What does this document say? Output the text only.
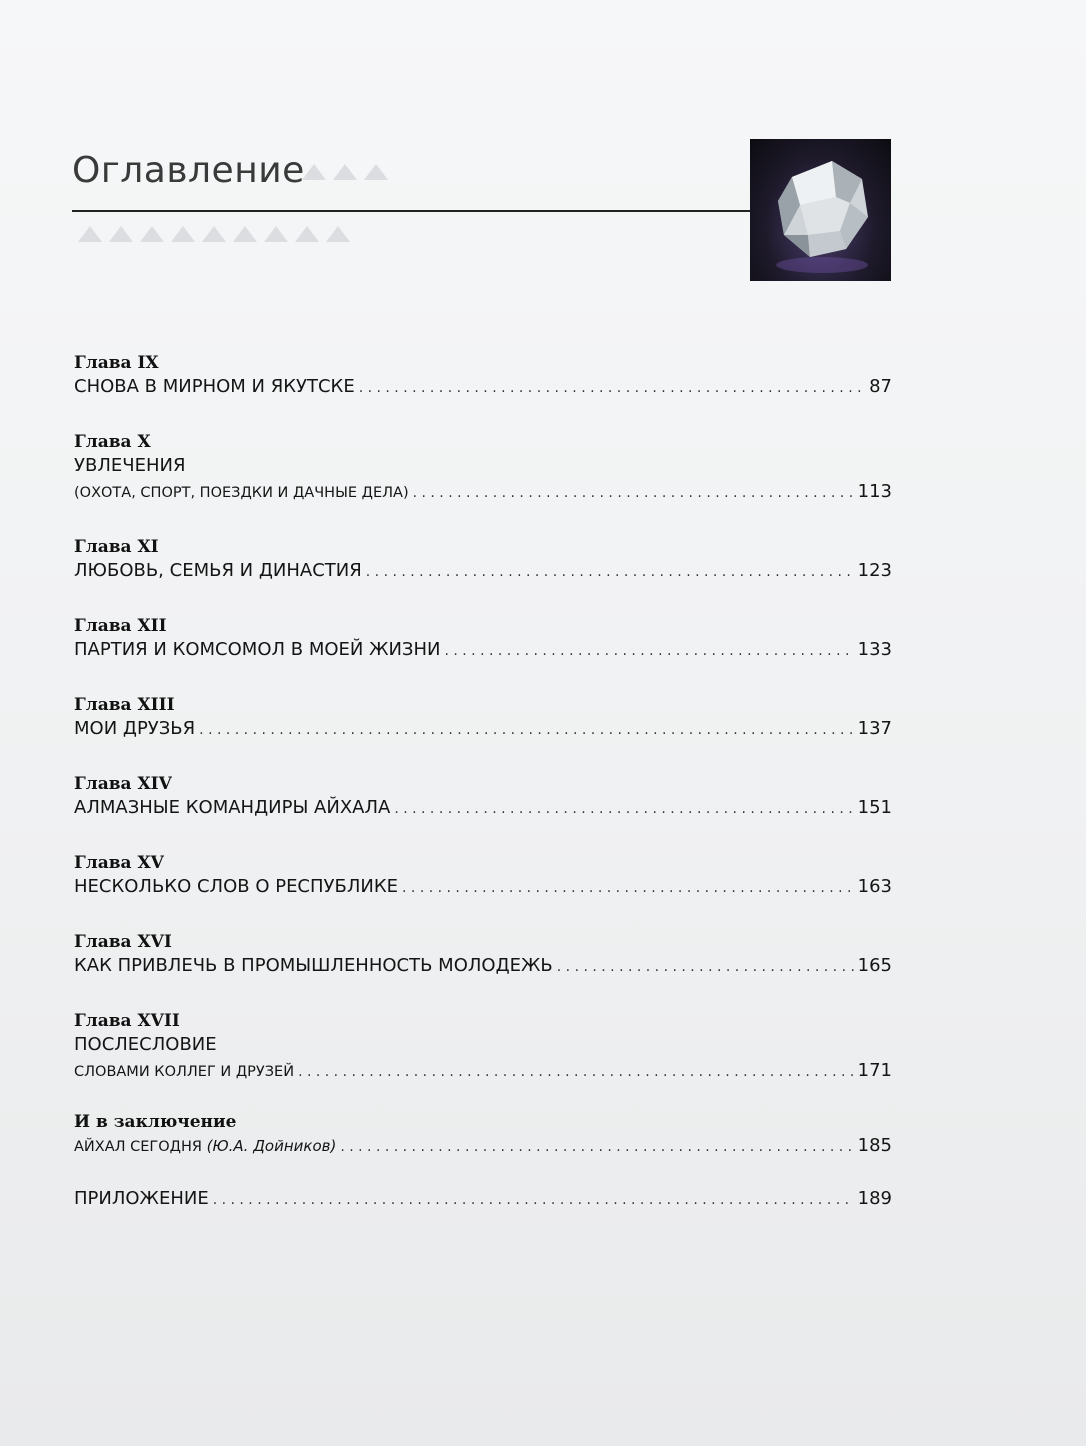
Оглавление
Глава IX
СНОВА В МИРНОМ И ЯКУТСКЕ . . .	87
Глава X
УВЛЕЧЕНИЯ
(ОХОТА, СПОРТ, ПОЕЗДКИ И ДАЧНЫЕ ДЕЛА) . . .	113
Глава XI
ЛЮБОВЬ, СЕМЬЯ И ДИНАСТИЯ . . .	123
Глава XII
ПАРТИЯ И КОМСОМОЛ В МОЕЙ ЖИЗНИ . . .	133
Глава XIII
МОИ ДРУЗЬЯ . . .	137
Глава XIV
АЛМАЗНЫЕ КОМАНДИРЫ АЙХАЛА . . .	151
Глава XV
НЕСКОЛЬКО СЛОВ О РЕСПУБЛИКЕ . . .	163
Глава XVI
КАК ПРИВЛЕЧЬ В ПРОМЫШЛЕННОСТЬ МОЛОДЕЖЬ . . .	165
Глава XVII
ПОСЛЕСЛОВИЕ
СЛОВАМИ КОЛЛЕГ И ДРУЗЕЙ . . .	171
И в заключение
АЙХАЛ СЕГОДНЯ (Ю.А. Дойников) . . .	185
ПРИЛОЖЕНИЕ . . .	189
